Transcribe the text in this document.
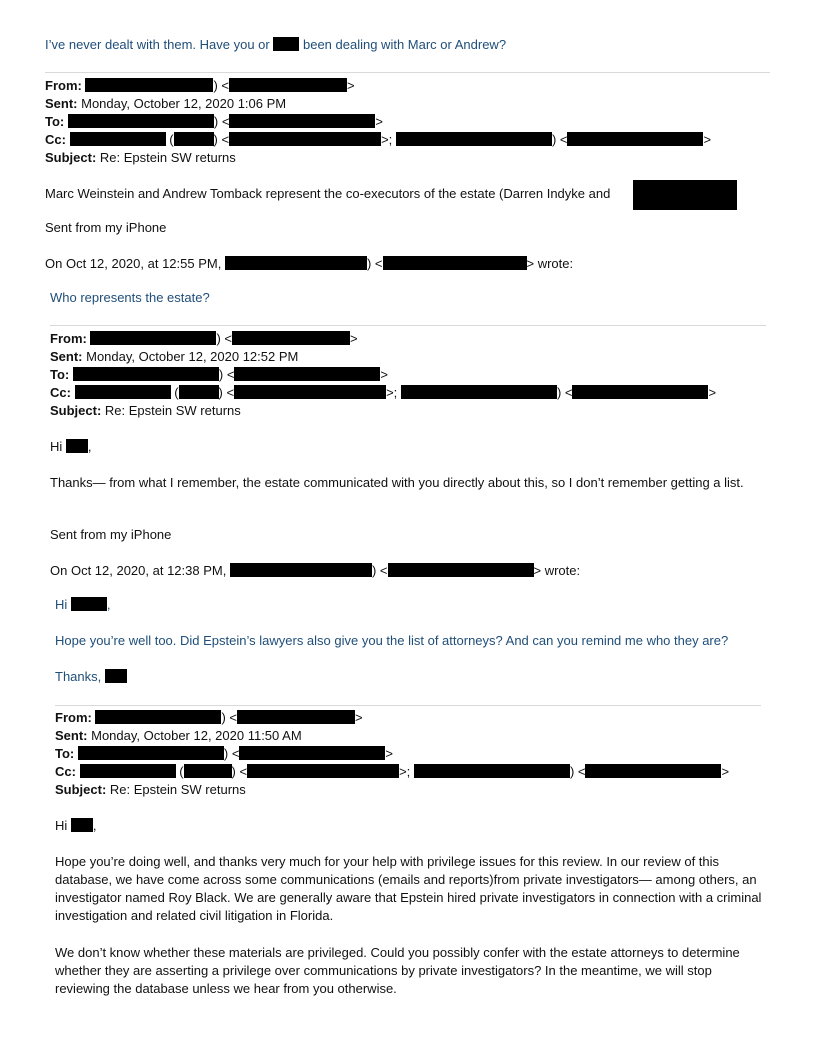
I’ve never dealt with them. Have you or	been dealing with Marc or Andrew?
From:	) <	>
Sent: Monday, October 12, 2020 1:06 PM
To:	) <	>
Cc:	(	) <	>;	) <	>
Subject: Re: Epstein SW returns
Marc Weinstein and Andrew Tomback represent the co-executors of the estate (Darren Indyke and
Sent from my iPhone
On Oct 12, 2020, at 12:55 PM,	) <	> wrote:
Who represents the estate?
From:	) <	>
Sent: Monday, October 12, 2020 12:52 PM
To:	) <	>
Cc:	(	) <	>;	) <	>
Subject: Re: Epstein SW returns
Hi ,
Thanks— from what I remember, the estate communicated with you directly about this, so I don’t remember getting a list.
Sent from my iPhone
On Oct 12, 2020, at 12:38 PM,	) <	> wrote:
Hi	,
Hope you’re well too. Did Epstein’s lawyers also give you the list of attorneys? And can you remind me who they are?
Thanks,
From:	) <	>
Sent: Monday, October 12, 2020 11:50 AM
To:	) <	>
Cc:	(	) <	>;	) <	>
Subject: Re: Epstein SW returns
Hi ,
Hope you’re doing well, and thanks very much for your help with privilege issues for this review. In our review of this database, we have come across some communications (emails and reports)from private investigators— among others, an investigator named Roy Black. We are generally aware that Epstein hired private investigators in connection with a criminal investigation and related civil litigation in Florida.
We don’t know whether these materials are privileged. Could you possibly confer with the estate attorneys to determine whether they are asserting a privilege over communications by private investigators? In the meantime, we will stop reviewing the database unless we hear from you otherwise.
